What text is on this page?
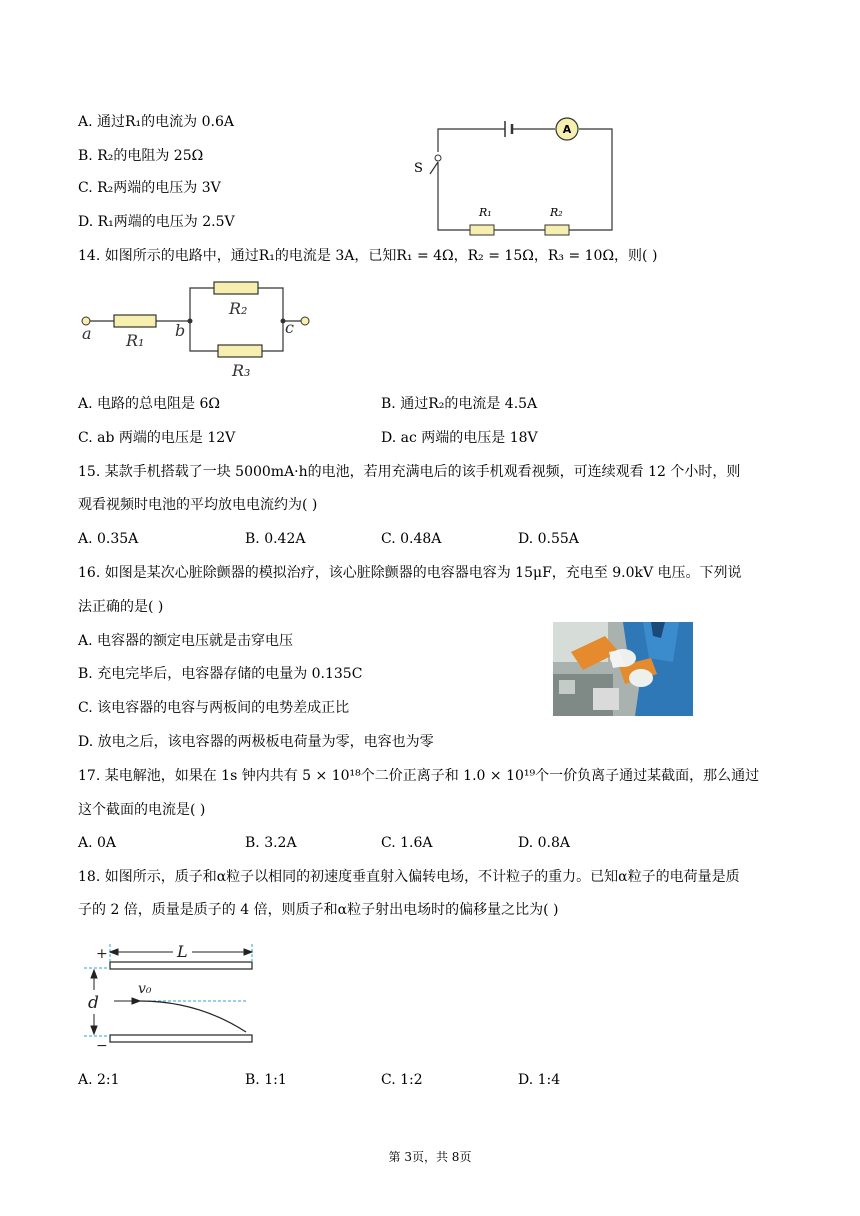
A. 通过R₁的电流为 0.6A
B. R₂的电阻为 25Ω
C. R₂两端的电压为 3V
D. R₁两端的电压为 2.5V
A
S
R₁	R₂
14. 如图所示的电路中，通过R₁的电流是 3A，已知R₁ = 4Ω，R₂ = 15Ω，R₃ = 10Ω，则( )
a	b	c
R₁
R₂
R₃
A. 电路的总电阻是 6Ω	B. 通过R₂的电流是 4.5A
C. ab 两端的电压是 12V	D. ac 两端的电压是 18V
15. 某款手机搭载了一块 5000mA·h的电池，若用充满电后的该手机观看视频，可连续观看 12 个小时，则
观看视频时电池的平均放电电流约为( )
A. 0.35A	B. 0.42A	C. 0.48A	D. 0.55A
16. 如图是某次心脏除颤器的模拟治疗，该心脏除颤器的电容器电容为 15μF，充电至 9.0kV 电压。下列说
法正确的是( )
A. 电容器的额定电压就是击穿电压
B. 充电完毕后，电容器存储的电量为 0.135C
C. 该电容器的电容与两板间的电势差成正比
D. 放电之后，该电容器的两极板电荷量为零，电容也为零
17. 某电解池，如果在 1s 钟内共有 5 × 10¹⁸个二价正离子和 1.0 × 10¹⁹个一价负离子通过某截面，那么通过
这个截面的电流是( )
A. 0A	B. 3.2A	C. 1.6A	D. 0.8A
18. 如图所示，质子和α粒子以相同的初速度垂直射入偏转电场，不计粒子的重力。已知α粒子的电荷量是质
子的 2 倍，质量是质子的 4 倍，则质子和α粒子射出电场时的偏移量之比为( )
+
−
L
d
v₀
A. 2:1	B. 1:1	C. 1:2	D. 1:4
第 3页，共 8页
